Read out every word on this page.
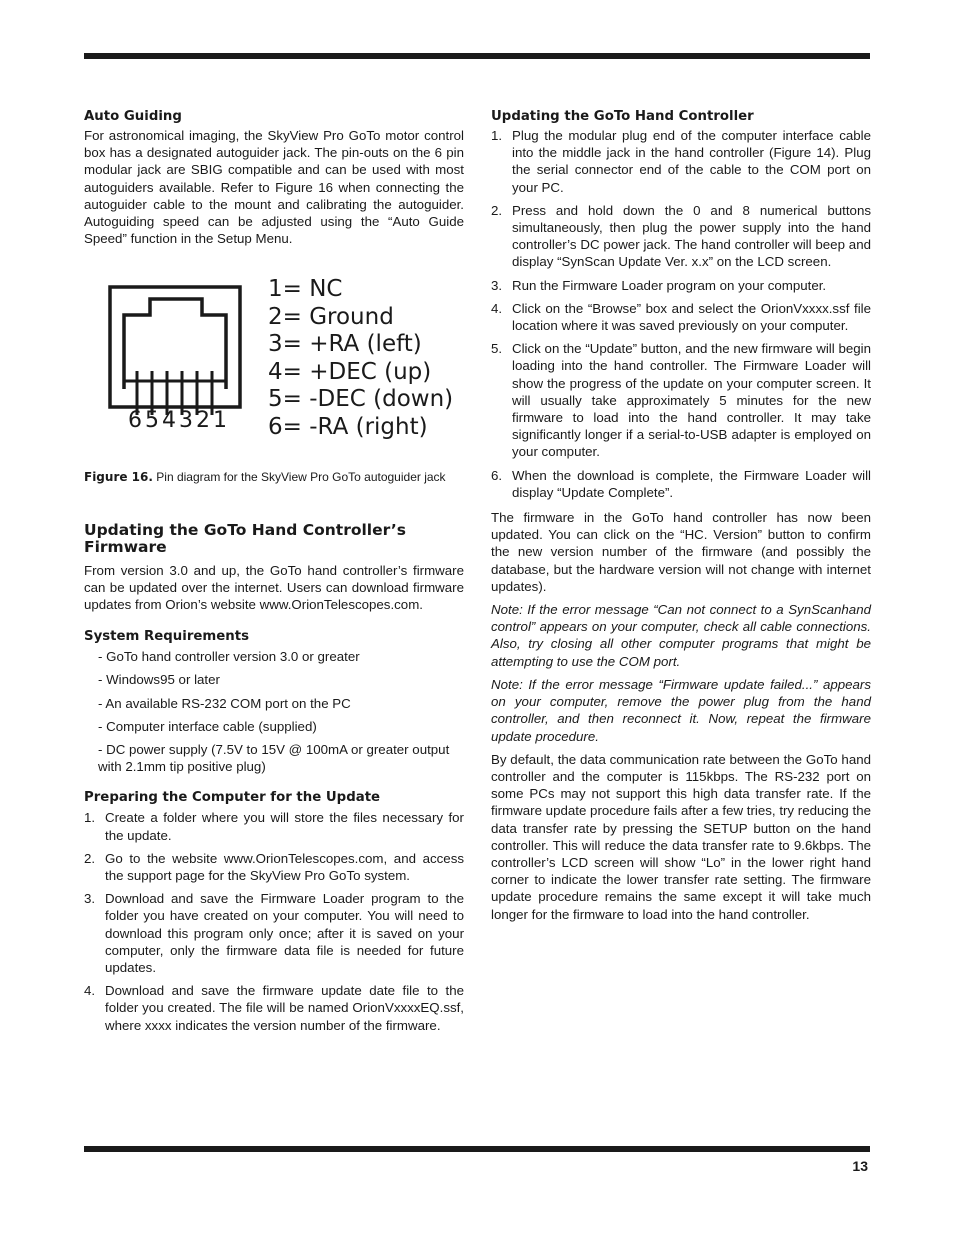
Auto Guiding

For astronomical imaging, the SkyView Pro GoTo motor control box has a designated autoguider jack. The pin-outs on the 6 pin modular jack are SBIG compatible and can be used with most autoguiders available. Refer to Figure 16 when connecting the autoguider cable to the mount and calibrating the autoguider. Autoguiding speed can be adjusted using the “Auto Guide Speed” function in the Setup Menu.

654321
1= NC
2= Ground
3= +RA (left)
4= +DEC (up)
5= -DEC (down)
6= -RA (right)
Figure 16. Pin diagram for the SkyView Pro GoTo autoguider jack
Updating the GoTo Hand Controller’s Firmware

From version 3.0 and up, the GoTo hand controller’s firmware can be updated over the internet. Users can download firmware updates from Orion’s website www.OrionTelescopes.com.

System Requirements
- GoTo hand controller version 3.0 or greater
- Windows95 or later
- An available RS-232 COM port on the PC
- Computer interface cable (supplied)
- DC power supply (7.5V to 15V @ 100mA or greater output with 2.1mm tip positive plug)
Preparing the Computer for the Update
1. Create a folder where you will store the files necessary for the update.
2. Go to the website www.OrionTelescopes.com, and access the support page for the SkyView Pro GoTo system.
3. Download and save the Firmware Loader program to the folder you have created on your computer. You will need to download this program only once; after it is saved on your computer, only the firmware data file is needed for future updates.
4. Download and save the firmware update date file to the folder you created. The file will be named OrionVxxxxEQ.ssf, where xxxx indicates the version number of the firmware.
Updating the GoTo Hand Controller
1. Plug the modular plug end of the computer interface cable into the middle jack in the hand controller (Figure 14). Plug the serial connector end of the cable to the COM port on your PC.
2. Press and hold down the 0 and 8 numerical buttons simultaneously, then plug the power supply into the hand controller’s DC power jack. The hand controller will beep and display “SynScan Update Ver. x.x” on the LCD screen.
3. Run the Firmware Loader program on your computer.
4. Click on the “Browse” box and select the OrionVxxxx.ssf file location where it was saved previously on your computer.
5. Click on the “Update” button, and the new firmware will begin loading into the hand controller. The Firmware Loader will show the progress of the update on your computer screen. It will usually take approximately 5 minutes for the new firmware to load into the hand controller. It may take significantly longer if a serial-to-USB adapter is employed on your computer.
6. When the download is complete, the Firmware Loader will display “Update Complete”.

The firmware in the GoTo hand controller has now been updated. You can click on the “HC. Version” button to confirm the new version number of the firmware (and possibly the database, but the hardware version will not change with internet updates).

Note: If the error message “Can not connect to a SynScanhand control” appears on your computer, check all cable connections. Also, try closing all other computer programs that might be attempting to use the COM port.

Note: If the error message “Firmware update failed...” appears on your computer, remove the power plug from the hand controller, and then reconnect it. Now, repeat the firmware update procedure.

By default, the data communication rate between the GoTo hand controller and the computer is 115kbps. The RS-232 port on some PCs may not support this high data transfer rate. If the firmware update procedure fails after a few tries, try reducing the data transfer rate by pressing the SETUP button on the hand controller. This will reduce the data transfer rate to 9.6kbps. The controller’s LCD screen will show “Lo” in the lower right hand corner to indicate the lower transfer rate setting. The firmware update procedure remains the same except it will take much longer for the firmware to load into the hand controller.

13
